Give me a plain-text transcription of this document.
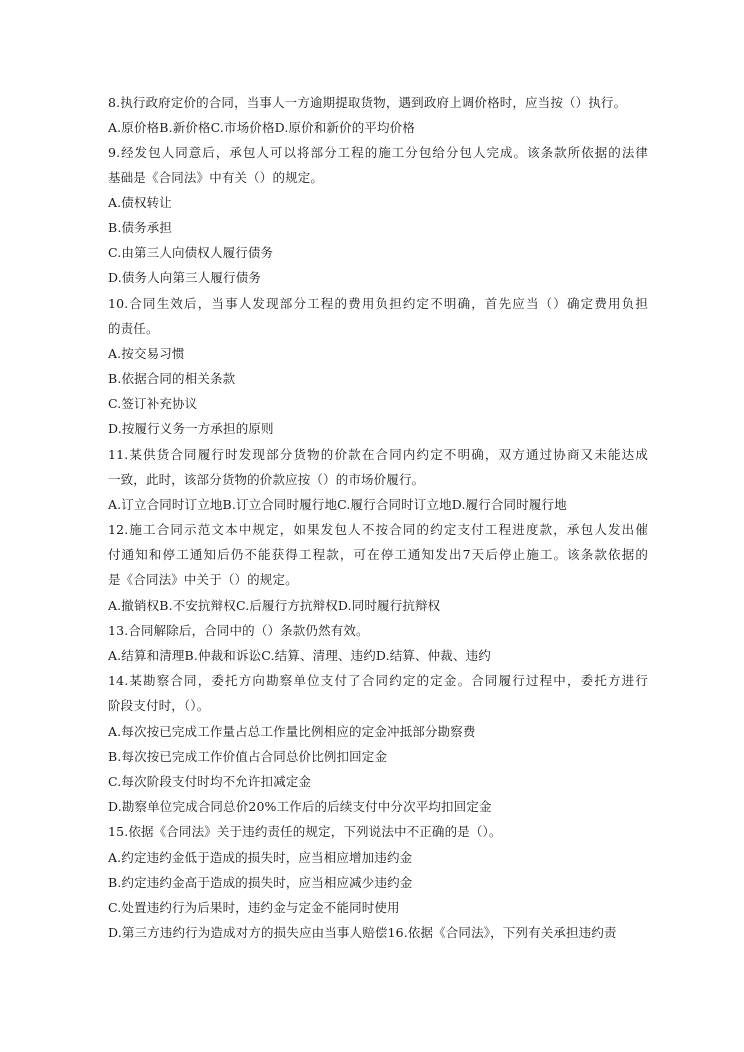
8.执行政府定价的合同，当事人一方逾期提取货物，遇到政府上调价格时，应当按（）执行。
A.原价格B.新价格C.市场价格D.原价和新价的平均价格
9.经发包人同意后，承包人可以将部分工程的施工分包给分包人完成。该条款所依据的法律
基础是《合同法》中有关（）的规定。
A.债权转让
B.债务承担
C.由第三人向债权人履行债务
D.债务人向第三人履行债务
10.合同生效后，当事人发现部分工程的费用负担约定不明确，首先应当（）确定费用负担
的责任。
A.按交易习惯
B.依据合同的相关条款
C.签订补充协议
D.按履行义务一方承担的原则
11.某供货合同履行时发现部分货物的价款在合同内约定不明确，双方通过协商又未能达成
一致，此时，该部分货物的价款应按（）的市场价履行。
A.订立合同时订立地B.订立合同时履行地C.履行合同时订立地D.履行合同时履行地
12.施工合同示范文本中规定，如果发包人不按合同的约定支付工程进度款，承包人发出催
付通知和停工通知后仍不能获得工程款，可在停工通知发出7天后停止施工。该条款依据的
是《合同法》中关于（）的规定。
A.撤销权B.不安抗辩权C.后履行方抗辩权D.同时履行抗辩权
13.合同解除后，合同中的（）条款仍然有效。
A.结算和清理B.仲裁和诉讼C.结算、清理、违约D.结算、仲裁、违约
14.某勘察合同，委托方向勘察单位支付了合同约定的定金。合同履行过程中，委托方进行
阶段支付时，（）。
A.每次按已完成工作量占总工作量比例相应的定金冲抵部分勘察费
B.每次按已完成工作价值占合同总价比例扣回定金
C.每次阶段支付时均不允许扣减定金
D.勘察单位完成合同总价20%工作后的后续支付中分次平均扣回定金
15.依据《合同法》关于违约责任的规定，下列说法中不正确的是（）。
A.约定违约金低于造成的损失时，应当相应增加违约金
B.约定违约金高于造成的损失时，应当相应减少违约金
C.处置违约行为后果时，违约金与定金不能同时使用
D.第三方违约行为造成对方的损失应由当事人赔偿16.依据《合同法》，下列有关承担违约责
